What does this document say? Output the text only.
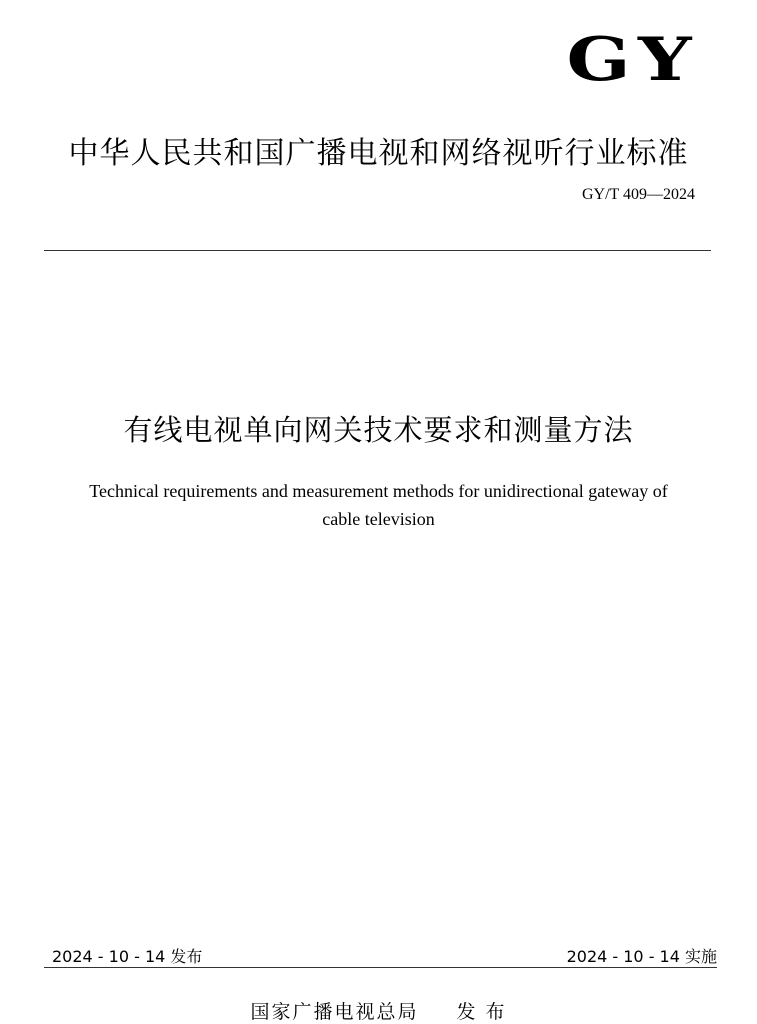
GY
中华人民共和国广播电视和网络视听行业标准
GY/T 409—2024
有线电视单向网关技术要求和测量方法
Technical requirements and measurement methods for unidirectional gateway of
cable television
2024 - 10 - 14 发布	2024 - 10 - 14 实施
国家广播电视总局 发 布
